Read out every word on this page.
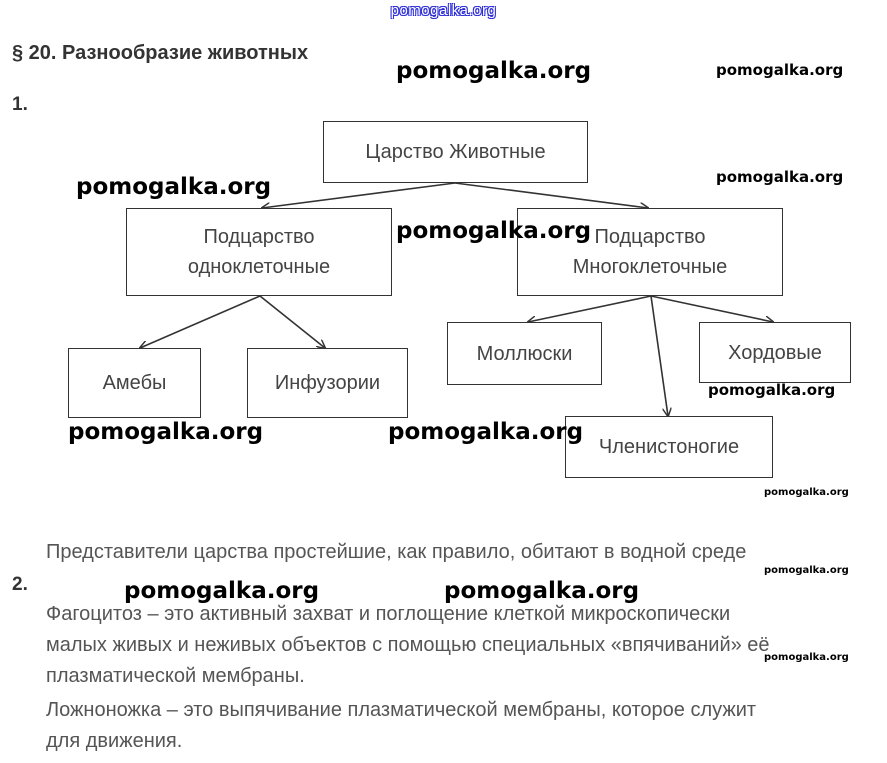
pomogalka.org
§ 20. Разнообразие животных
1.
2.
Царство Животные
Подцарство
одноклеточные
Подцарство
Многоклеточные
Амебы	Инфузории
Моллюски	Хордовые
Членистоногие
Представители царства простейшие, как правило, обитают в водной среде
Фагоцитоз – это активный захват и поглощение клеткой микроскопически
малых живых и неживых объектов с помощью специальных «впячиваний» её
плазматической мембраны.
Ложноножка – это выпячивание плазматической мембраны, которое служит
для движения.
pomogalka.org	pomogalka.org
pomogalka.org	pomogalka.org
pomogalka.org
pomogalka.org
pomogalka.org	pomogalka.org
pomogalka.org
pomogalka.org
pomogalka.org	pomogalka.org
pomogalka.org
